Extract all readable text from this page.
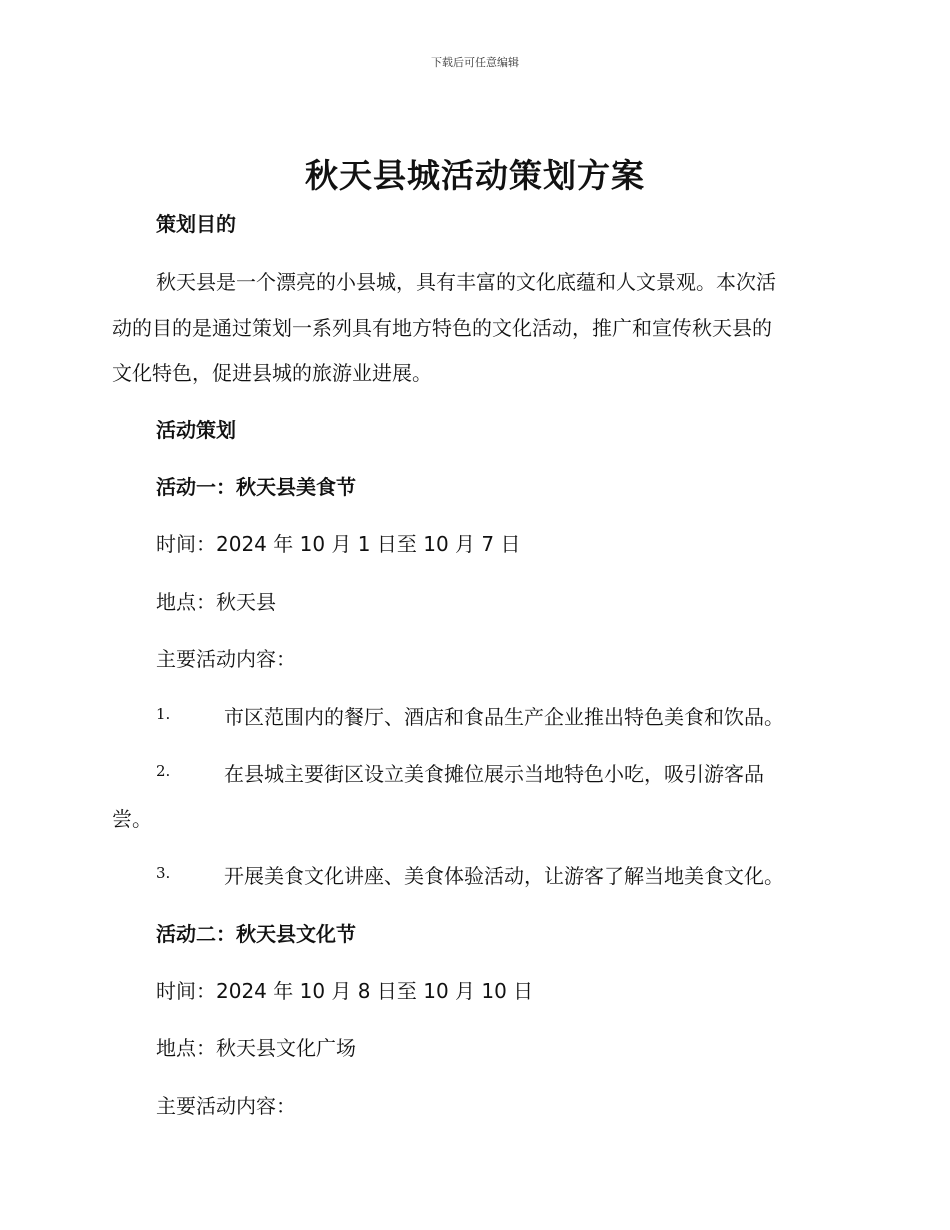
下载后可任意编辑
秋天县城活动策划方案
策划目的
秋天县是一个漂亮的小县城，具有丰富的文化底蕴和人文景观。本次活
动的目的是通过策划一系列具有地方特色的文化活动，推广和宣传秋天县的
文化特色，促进县城的旅游业进展。
活动策划
活动一：秋天县美食节
时间：2024 年 10 月 1 日至 10 月 7 日
地点：秋天县
主要活动内容：
1.	市区范围内的餐厅、酒店和食品生产企业推出特色美食和饮品。
2.	在县城主要街区设立美食摊位展示当地特色小吃，吸引游客品
尝。
3.	开展美食文化讲座、美食体验活动，让游客了解当地美食文化。
活动二：秋天县文化节
时间：2024 年 10 月 8 日至 10 月 10 日
地点：秋天县文化广场
主要活动内容：
